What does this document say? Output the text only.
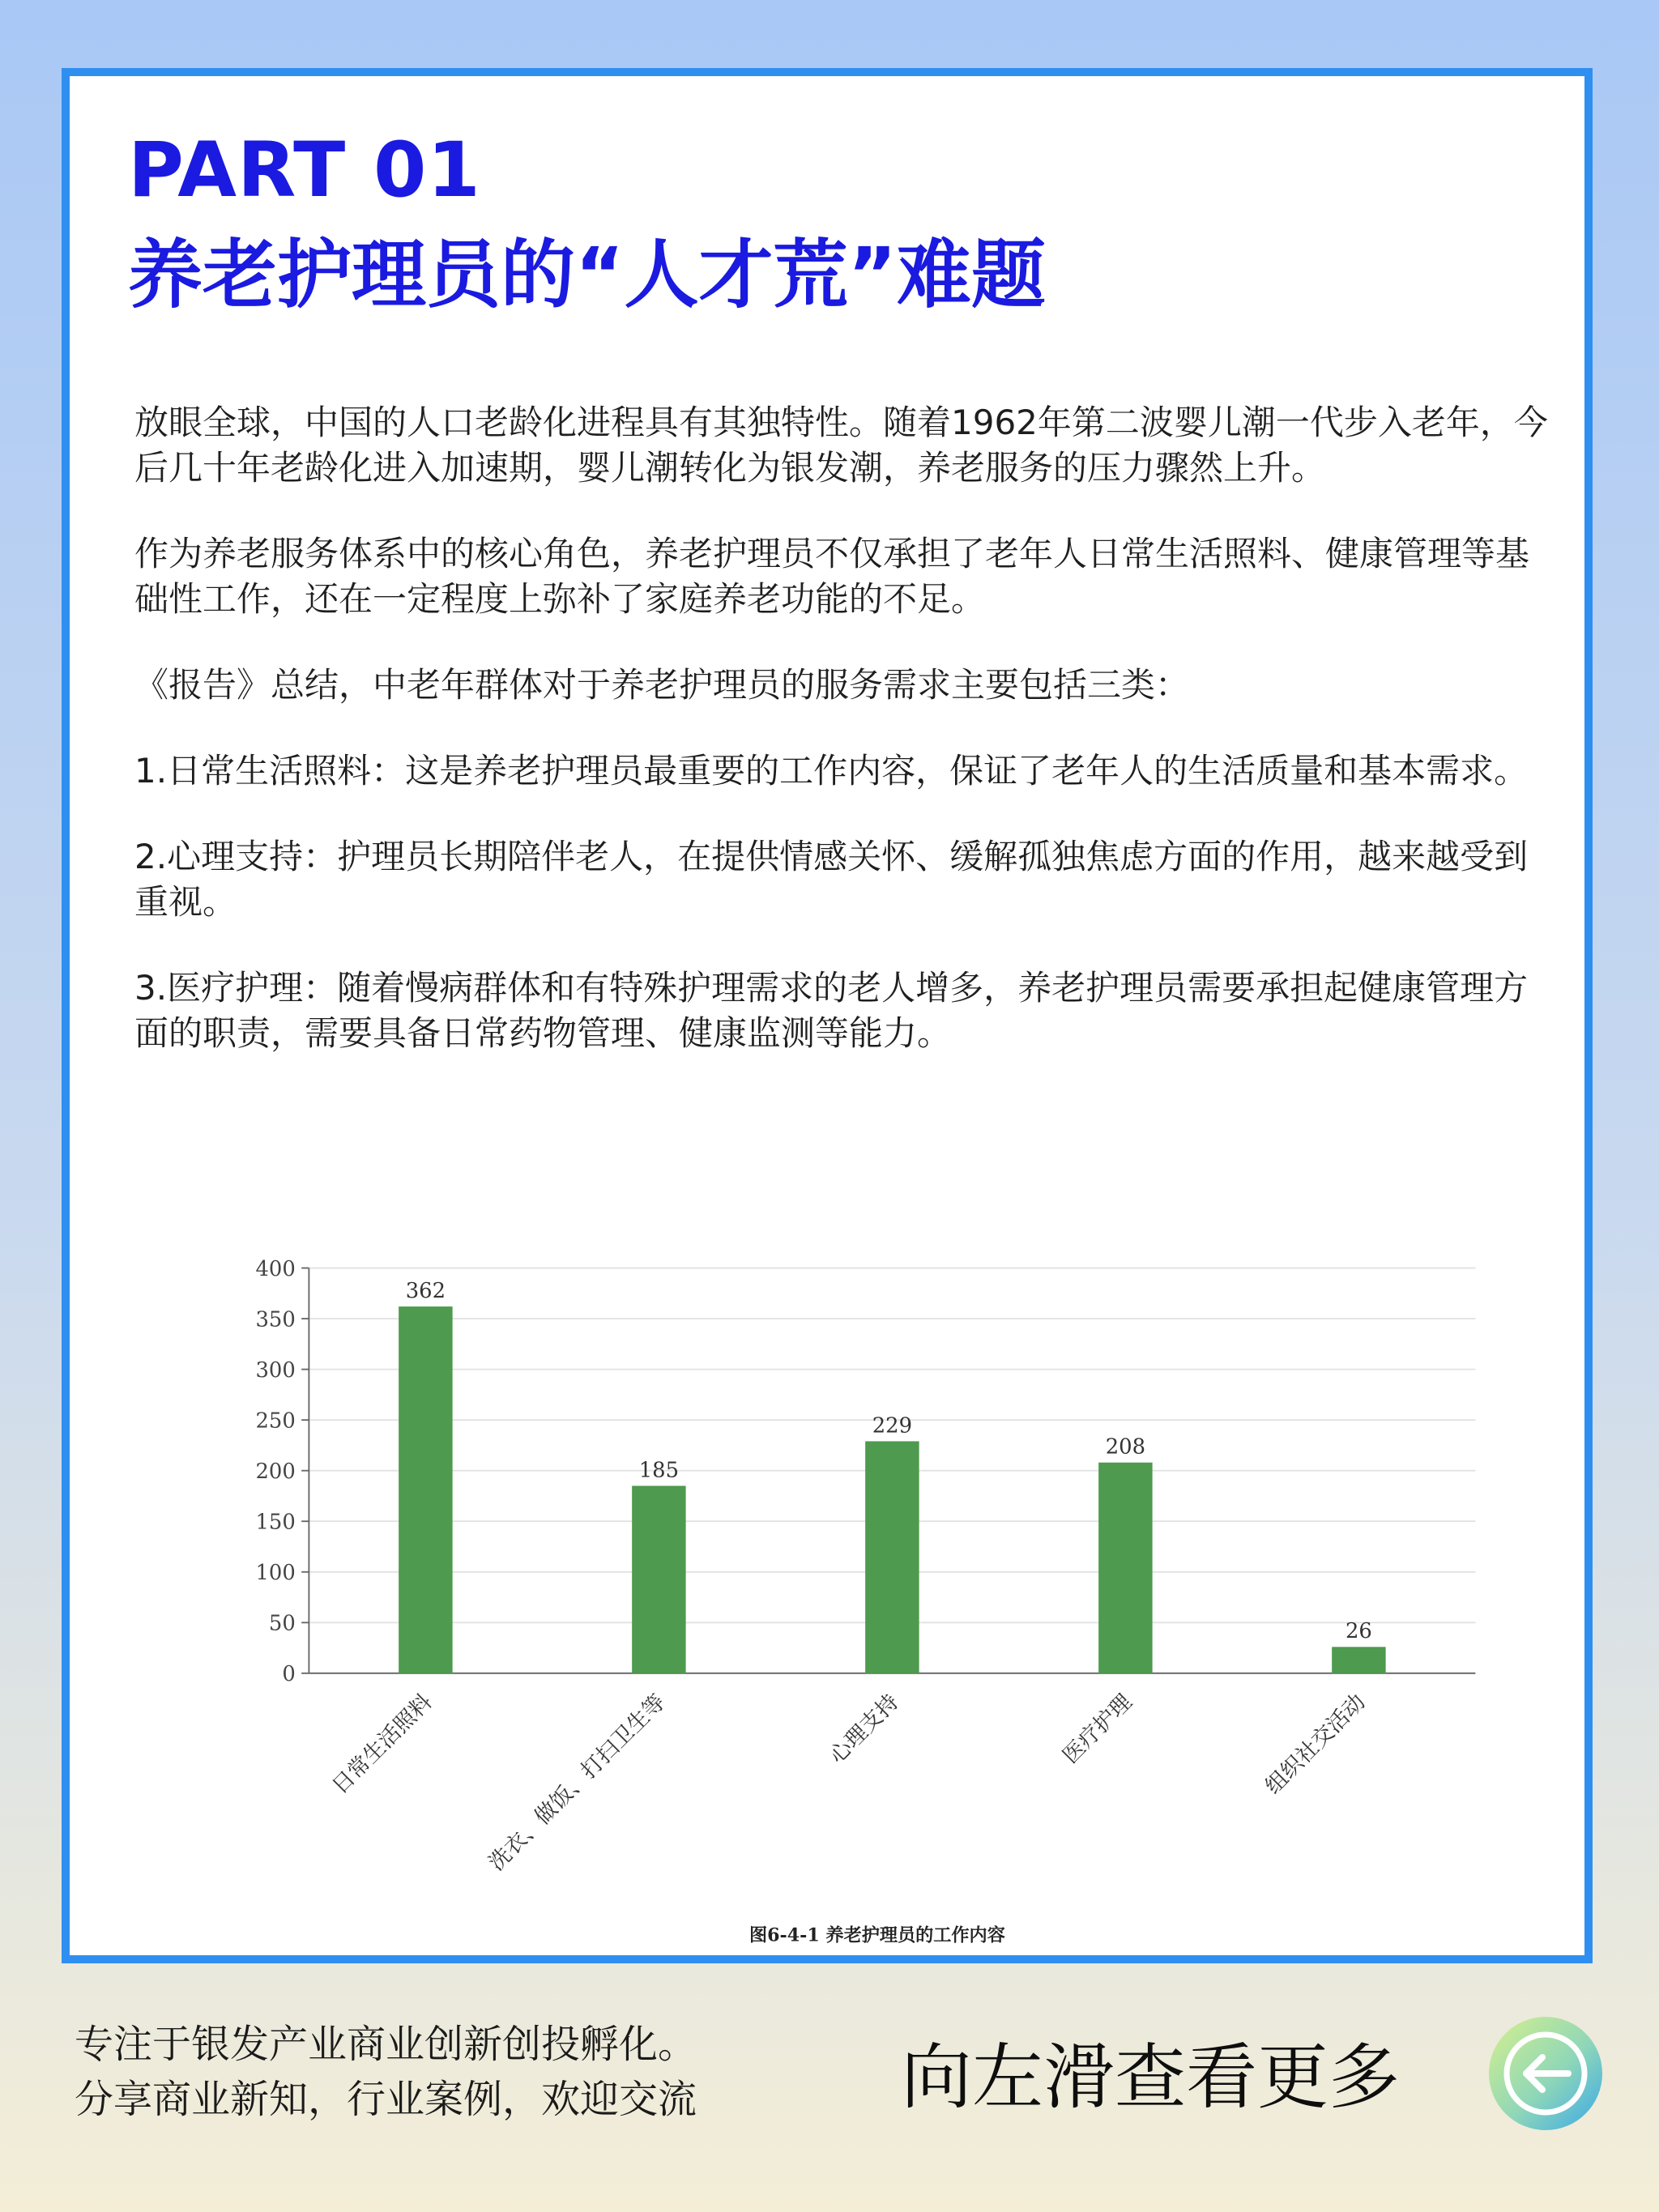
PART 01
养老护理员的“人才荒”难题

放眼全球，中国的人口老龄化进程具有其独特性。随着1962年第二波婴儿潮一代步入老年，今后几十年老龄化进入加速期，婴儿潮转化为银发潮，养老服务的压力骤然上升。

作为养老服务体系中的核心角色，养老护理员不仅承担了老年人日常生活照料、健康管理等基础性工作，还在一定程度上弥补了家庭养老功能的不足。

《报告》总结，中老年群体对于养老护理员的服务需求主要包括三类：

1.日常生活照料：这是养老护理员最重要的工作内容，保证了老年人的生活质量和基本需求。

2.心理支持：护理员长期陪伴老人，在提供情感关怀、缓解孤独焦虑方面的作用，越来越受到重视。

3.医疗护理：随着慢病群体和有特殊护理需求的老人增多，养老护理员需要承担起健康管理方面的职责，需要具备日常药物管理、健康监测等能力。

0
50
100
150
200
250
300
350
400
362
日常生活照料
185
洗衣、做饭、打扫卫生等
229
心理支持
208
医疗护理
26
组织社交活动
图6-4-1 养老护理员的工作内容
专注于银发产业商业创新创投孵化。
分享商业新知，行业案例，欢迎交流	向左滑查看更多
